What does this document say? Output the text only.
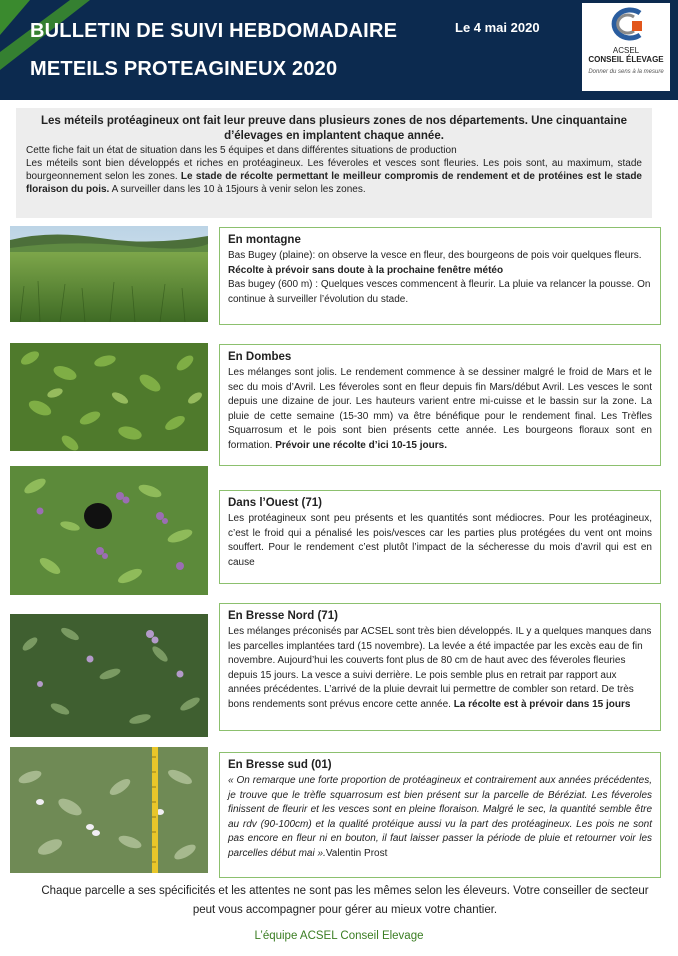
BULLETIN DE SUIVI HEBDOMADAIRE
METEILS PROTEAGINEUX 2020
Le 4 mai 2020
ACSEL
CONSEIL ÉLEVAGE
Donner du sens à la mesure

Les méteils protéagineux ont fait leur preuve dans plusieurs zones de nos départements. Une cinquantaine d’élevages en implantent chaque année.

Cette fiche fait un état de situation dans les 5 équipes et dans différentes situations de production

Les méteils sont bien développés et riches en protéagineux. Les féveroles et vesces sont fleuries. Les pois sont, au maximum, stade bourgeonnement selon les zones. Le stade de récolte permettant le meilleur compromis de rendement et de protéines est le stade floraison du pois. A surveiller dans les 10 à 15jours à venir selon les zones.

En montagne

Bas Bugey (plaine): on observe la vesce en fleur, des bourgeons de pois voir quelques fleurs. Récolte à prévoir sans doute à la prochaine fenêtre météo

Bas bugey (600 m) : Quelques vesces commencent à fleurir. La pluie va relancer la pousse. On continue à surveiller l’évolution du stade.

En Dombes

Les mélanges sont jolis. Le rendement commence à se dessiner malgré le froid de Mars et le sec du mois d’Avril. Les féveroles sont en fleur depuis fin Mars/début Avril. Les vesces le sont depuis une dizaine de jour. Les hauteurs varient entre mi-cuisse et le bassin sur la zone. La pluie de cette semaine (15-30 mm) va être bénéfique pour le rendement final. Les Trèfles Squarrosum et le pois sont bien présents cette année. Les bourgeons floraux sont en formation. Prévoir une récolte d’ici 10-15 jours.

Dans l’Ouest (71)

Les protéagineux sont peu présents et les quantités sont médiocres. Pour les protéagineux, c’est le froid qui a pénalisé les pois/vesces car les parties plus protégées du vent ont moins souffert. Pour le rendement c’est plutôt l’impact de la sécheresse du mois d’avril qui est en cause

En Bresse Nord (71)

Les mélanges préconisés par ACSEL sont très bien développés. IL y a quelques manques dans les parcelles implantées tard (15 novembre). La levée a été impactée par les excès eau de fin novembre. Aujourd’hui les couverts font plus de 80 cm de haut avec des féveroles fleuries depuis 15 jours. La vesce a suivi derrière. Le pois semble plus en retrait par rapport aux années précédentes. L’arrivé de la pluie devrait lui permettre de combler son retard. De très bons rendements sont prévus encore cette année. La récolte est à prévoir dans 15 jours

En Bresse sud (01)

« On remarque une forte proportion de protéagineux et contrairement aux années précédentes, je trouve que le trèfle squarrosum est bien présent sur la parcelle de Béréziat. Les féveroles finissent de fleurir et les vesces sont en pleine floraison. Malgré le sec, la quantité semble être au rdv (90-100cm) et la qualité protéique aussi vu la part des protéagineux. Les pois ne sont pas encore en fleur ni en bouton, il faut laisser passer la période de pluie et retourner voir les parcelles début mai ».Valentin Prost

Chaque parcelle a ses spécificités et les attentes ne sont pas les mêmes selon les éleveurs. Votre conseiller de secteur peut vous accompagner pour gérer au mieux votre chantier.

L’équipe ACSEL Conseil Elevage
